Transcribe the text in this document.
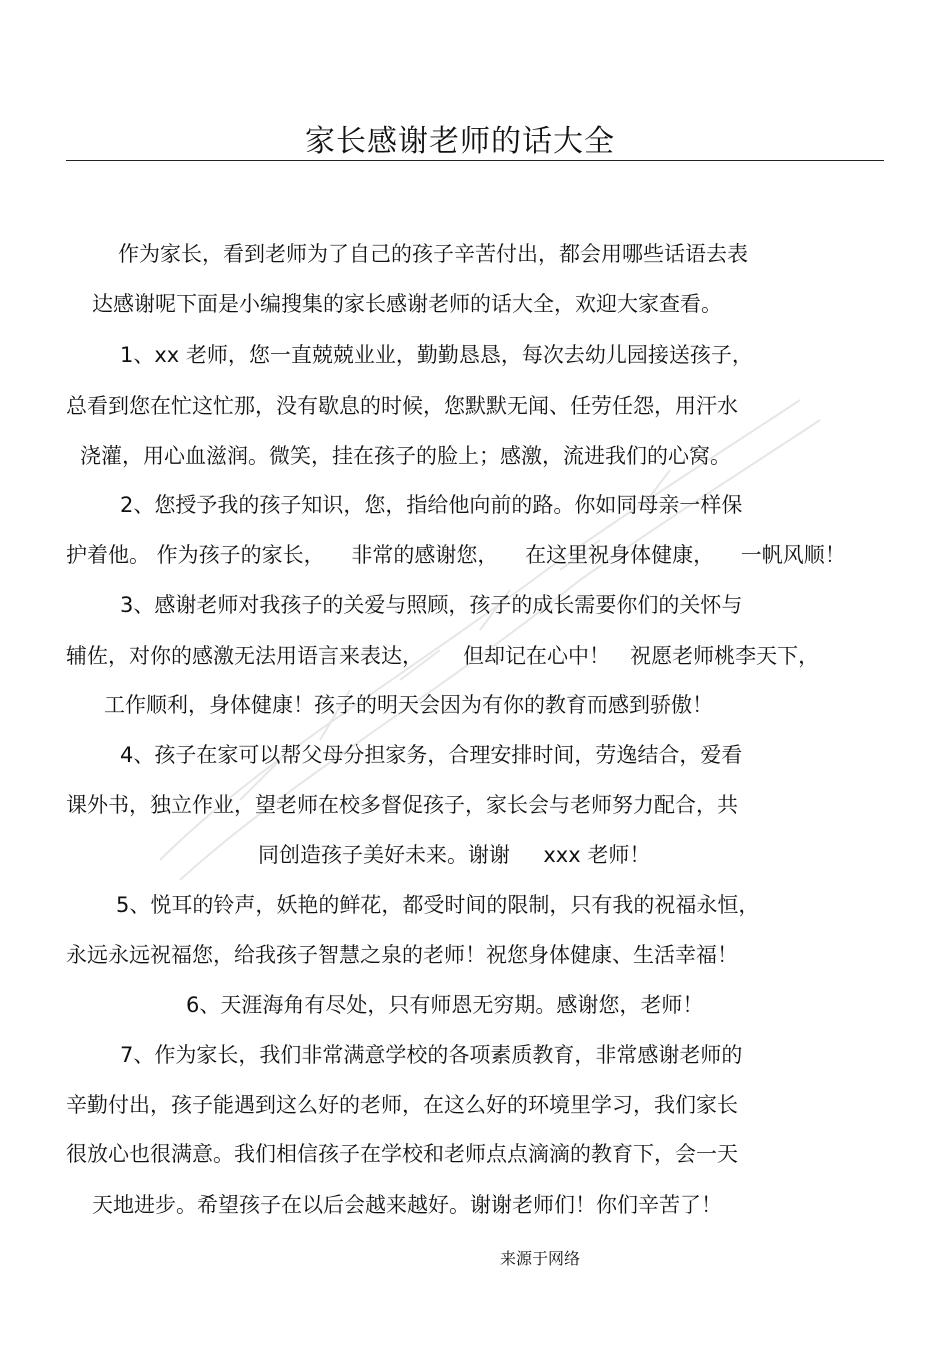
家长感谢老师的话大全
作为家长，看到老师为了自己的孩子辛苦付出，都会用哪些话语去表
达感谢呢下面是小编搜集的家长感谢老师的话大全，欢迎大家查看。
1、xx 老师，您一直兢兢业业，勤勤恳恳，每次去幼儿园接送孩子，
总看到您在忙这忙那，没有歇息的时候，您默默无闻、任劳任怨，用汗水
浇灌，用心血滋润。微笑，挂在孩子的脸上；感激，流进我们的心窝。
2、您授予我的孩子知识，您，指给他向前的路。你如同母亲一样保
护着他。 作为孩子的家长，    非常的感谢您，    在这里祝身体健康，    一帆风顺！
3、感谢老师对我孩子的关爱与照顾，孩子的成长需要你们的关怀与
辅佐，对你的感激无法用语言来表达，      但却记在心中！   祝愿老师桃李天下，
工作顺利，身体健康！孩子的明天会因为有你的教育而感到骄傲！
4、孩子在家可以帮父母分担家务，合理安排时间，劳逸结合，爱看
课外书，独立作业，望老师在校多督促孩子，家长会与老师努力配合，共
同创造孩子美好未来。谢谢     xxx 老师！
5、悦耳的铃声，妖艳的鲜花，都受时间的限制，只有我的祝福永恒，
永远永远祝福您，给我孩子智慧之泉的老师！祝您身体健康、生活幸福！
6、天涯海角有尽处，只有师恩无穷期。感谢您，老师！
7、作为家长，我们非常满意学校的各项素质教育，非常感谢老师的
辛勤付出，孩子能遇到这么好的老师，在这么好的环境里学习，我们家长
很放心也很满意。我们相信孩子在学校和老师点点滴滴的教育下，会一天
天地进步。希望孩子在以后会越来越好。谢谢老师们！你们辛苦了！
来源于网络
